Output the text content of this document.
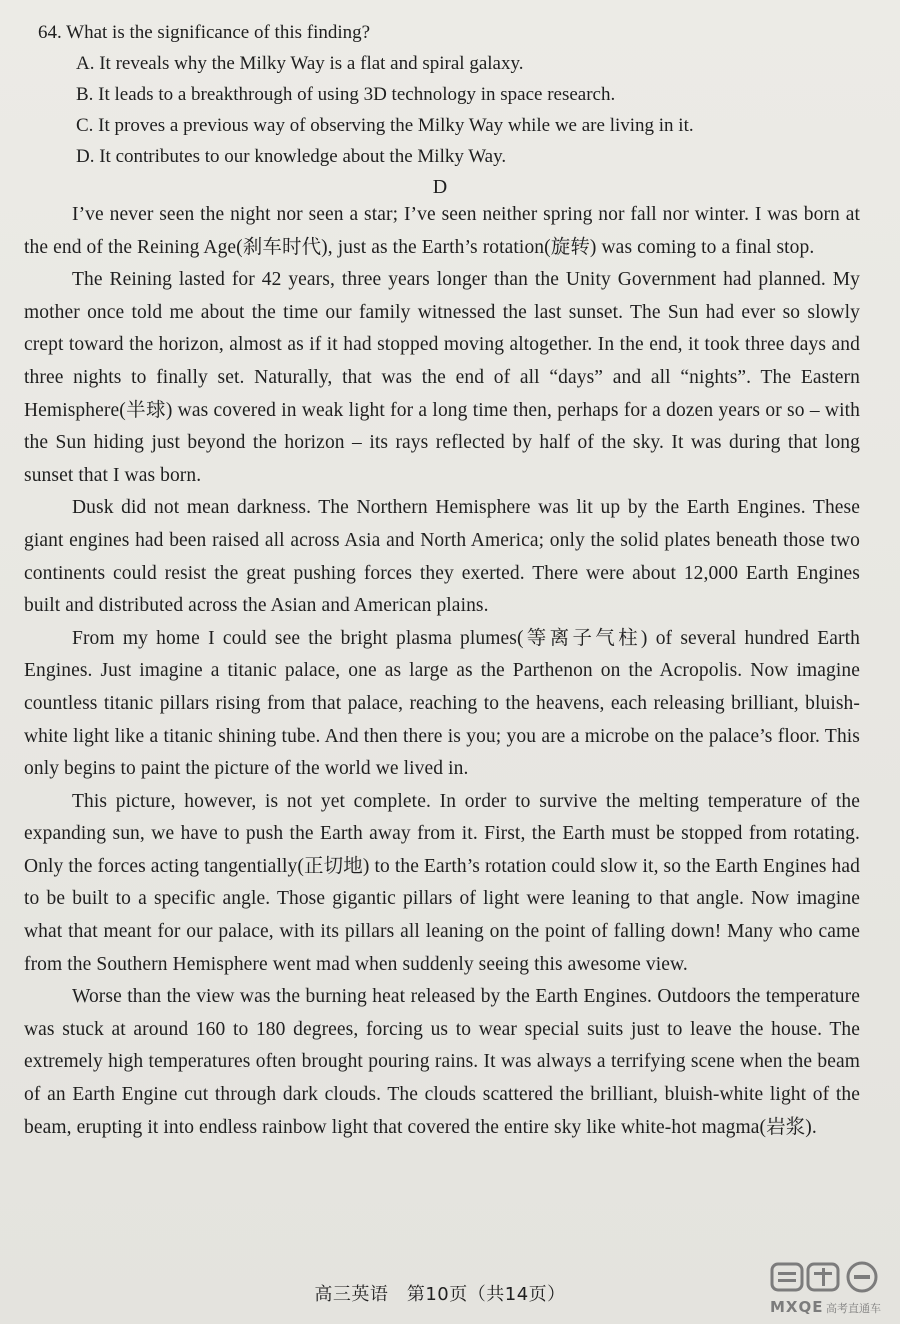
64. What is the significance of this finding?

A. It reveals why the Milky Way is a flat and spiral galaxy.

B. It leads to a breakthrough of using 3D technology in space research.

C. It proves a previous way of observing the Milky Way while we are living in it.

D. It contributes to our knowledge about the Milky Way.

D

I’ve never seen the night nor seen a star; I’ve seen neither spring nor fall nor winter. I was born at the end of the Reining Age(刹车时代), just as the Earth’s rotation(旋转) was coming to a final stop.

The Reining lasted for 42 years, three years longer than the Unity Government had planned. My mother once told me about the time our family witnessed the last sunset. The Sun had ever so slowly crept toward the horizon, almost as if it had stopped moving altogether. In the end, it took three days and three nights to finally set. Naturally, that was the end of all “days” and all “nights”. The Eastern Hemisphere(半球) was covered in weak light for a long time then, perhaps for a dozen years or so – with the Sun hiding just beyond the horizon – its rays reflected by half of the sky. It was during that long sunset that I was born.

Dusk did not mean darkness. The Northern Hemisphere was lit up by the Earth Engines. These giant engines had been raised all across Asia and North America; only the solid plates beneath those two continents could resist the great pushing forces they exerted. There were about 12,000 Earth Engines built and distributed across the Asian and American plains.

From my home I could see the bright plasma plumes(等离子气柱) of several hundred Earth Engines. Just imagine a titanic palace, one as large as the Parthenon on the Acropolis. Now imagine countless titanic pillars rising from that palace, reaching to the heavens, each releasing brilliant, bluish-white light like a titanic shining tube. And then there is you; you are a microbe on the palace’s floor. This only begins to paint the picture of the world we lived in.

This picture, however, is not yet complete. In order to survive the melting temperature of the expanding sun, we have to push the Earth away from it. First, the Earth must be stopped from rotating. Only the forces acting tangentially(正切地) to the Earth’s rotation could slow it, so the Earth Engines had to be built to a specific angle. Those gigantic pillars of light were leaning to that angle. Now imagine what that meant for our palace, with its pillars all leaning on the point of falling down! Many who came from the Southern Hemisphere went mad when suddenly seeing this awesome view.

Worse than the view was the burning heat released by the Earth Engines. Outdoors the temperature was stuck at around 160 to 180 degrees, forcing us to wear special suits just to leave the house. The extremely high temperatures often brought pouring rains. It was always a terrifying scene when the beam of an Earth Engine cut through dark clouds. The clouds scattered the brilliant, bluish-white light of the beam, erupting it into endless rainbow light that covered the entire sky like white-hot magma(岩浆).

高三英语　第10页（共14页）
MXQE 高考直通车
